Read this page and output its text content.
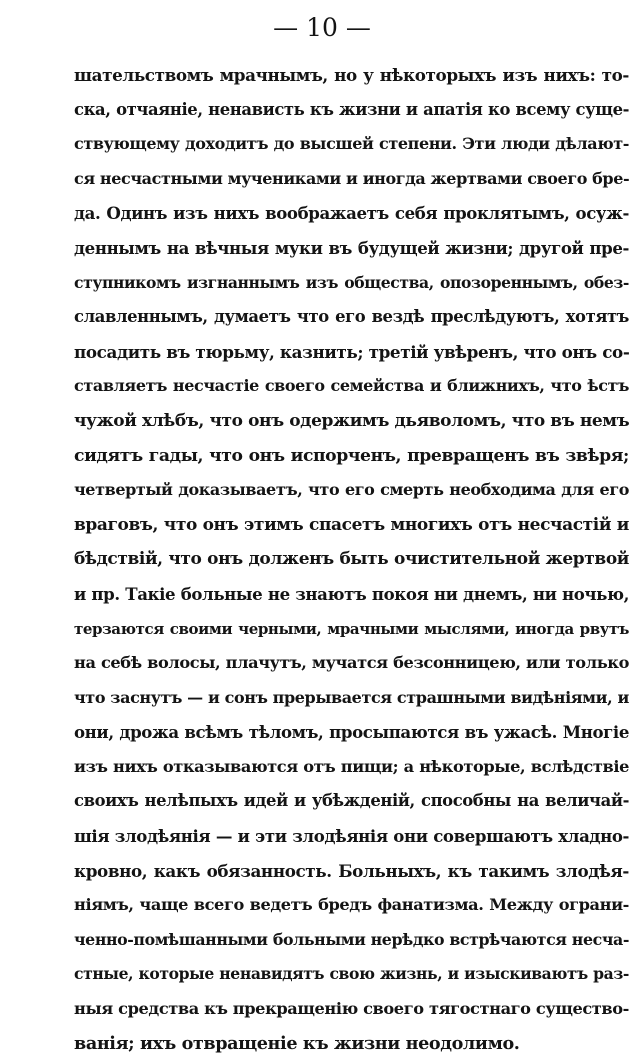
— 10 —
шательствомъ мрачнымъ, но у нѣкоторыхъ изъ нихъ: то-
ска, отчаяніе, ненависть къ жизни и апатія ко всему суще-
ствующему доходитъ до высшей степени. Эти люди дѣлают-
ся несчастными мучениками и иногда жертвами своего бре-
да. Одинъ изъ нихъ воображаетъ себя проклятымъ, осуж-
деннымъ на вѣчныя муки въ будущей жизни; другой пре-
ступникомъ изгнаннымъ изъ общества, опозореннымъ, обез-
славленнымъ, думаетъ что его вездѣ преслѣдуютъ, хотятъ
посадить въ тюрьму, казнить; третій увѣренъ, что онъ со-
ставляетъ несчастіе своего семейства и ближнихъ, что ѣстъ
чужой хлѣбъ, что онъ одержимъ дьяволомъ, что въ немъ
сидятъ гады, что онъ испорченъ, превращенъ въ звѣря;
четвертый доказываетъ, что его смерть необходима для его
враговъ, что онъ этимъ спасетъ многихъ отъ несчастій и
бѣдствій, что онъ долженъ быть очистительной жертвой
и пр. Такіе больные не знаютъ покоя ни днемъ, ни ночью,
терзаются своими черными, мрачными мыслями, иногда рвутъ
на себѣ волосы, плачутъ, мучатся безсонницею, или только
что заснутъ — и сонъ прерывается страшными видѣніями, и
они, дрожа всѣмъ тѣломъ, просыпаются въ ужасѣ. Многіе
изъ нихъ отказываются отъ пищи; а нѣкоторые, вслѣдствіе
своихъ нелѣпыхъ идей и убѣжденій, способны на величай-
шія злодѣянія — и эти злодѣянія они совершаютъ хладно-
кровно, какъ обязанность. Больныхъ, къ такимъ злодѣя-
ніямъ, чаще всего ведетъ бредъ фанатизма. Между ограни-
ченно-помѣшанными больными нерѣдко встрѣчаются несча-
стные, которые ненавидятъ свою жизнь, и изыскиваютъ раз-
ныя средства къ прекращенію своего тягостнаго существо-
ванія; ихъ отвращеніе къ жизни неодолимо.
